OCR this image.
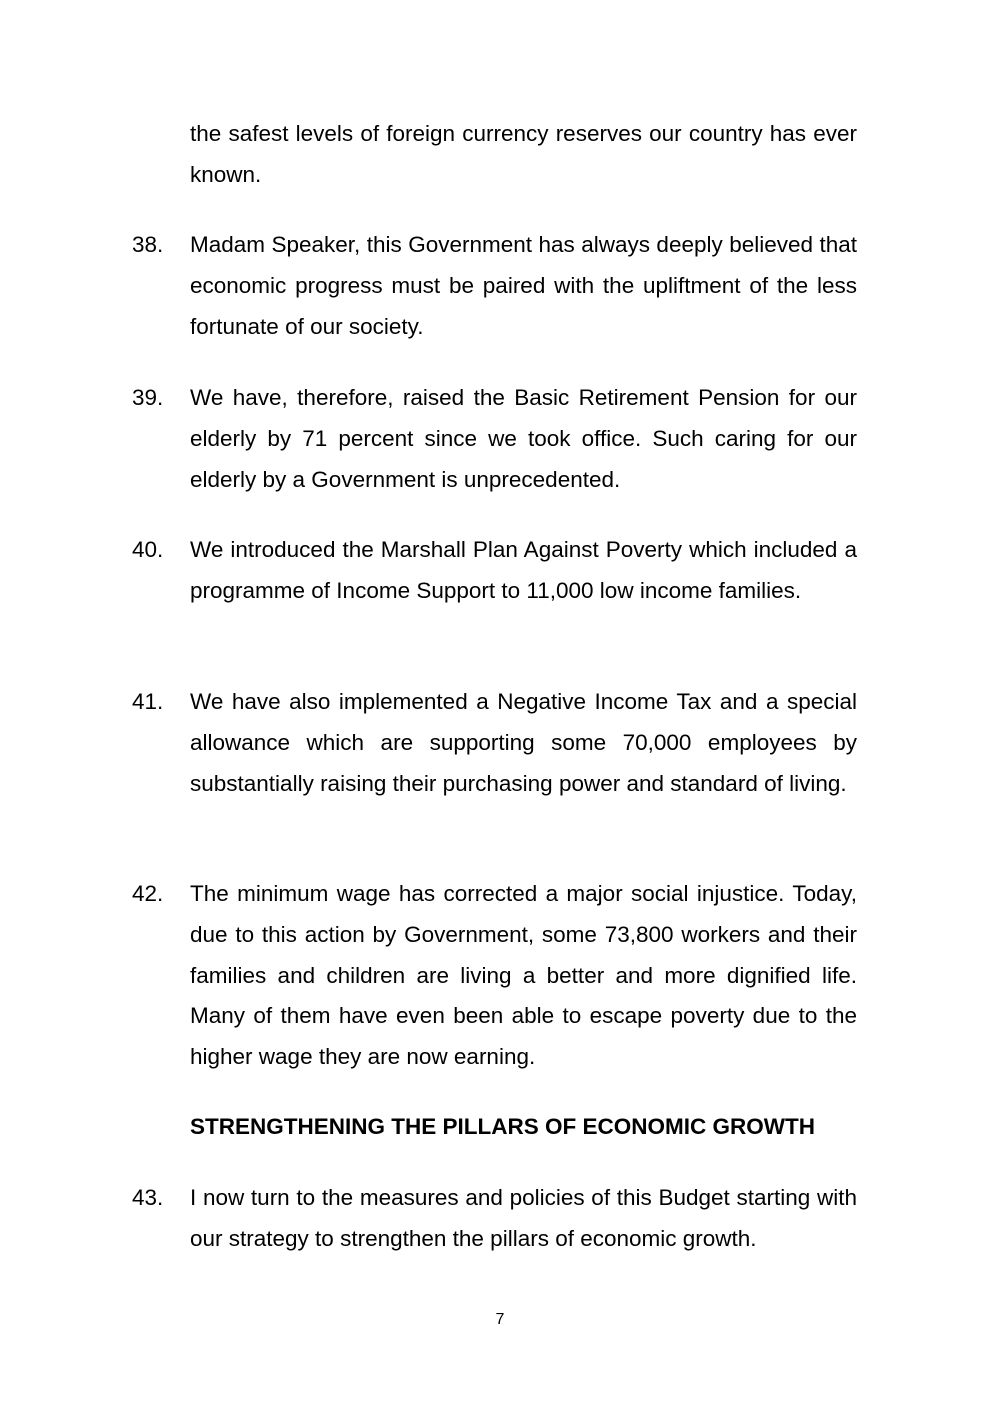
the safest levels of foreign currency reserves our country has ever known.
38. Madam Speaker, this Government has always deeply believed that economic progress must be paired with the upliftment of the less fortunate of our society.
39. We have, therefore, raised the Basic Retirement Pension for our elderly by 71 percent since we took office. Such caring for our elderly by a Government is unprecedented.
40. We introduced the Marshall Plan Against Poverty which included a programme of Income Support to 11,000 low income families.
41. We have also implemented a Negative Income Tax and a special allowance which are supporting some 70,000 employees by substantially raising their purchasing power and standard of living.
42. The minimum wage has corrected a major social injustice. Today, due to this action by Government, some 73,800 workers and their families and children are living a better and more dignified life. Many of them have even been able to escape poverty due to the higher wage they are now earning.
STRENGTHENING THE PILLARS OF ECONOMIC GROWTH
43. I now turn to the measures and policies of this Budget starting with our strategy to strengthen the pillars of economic growth.
7
